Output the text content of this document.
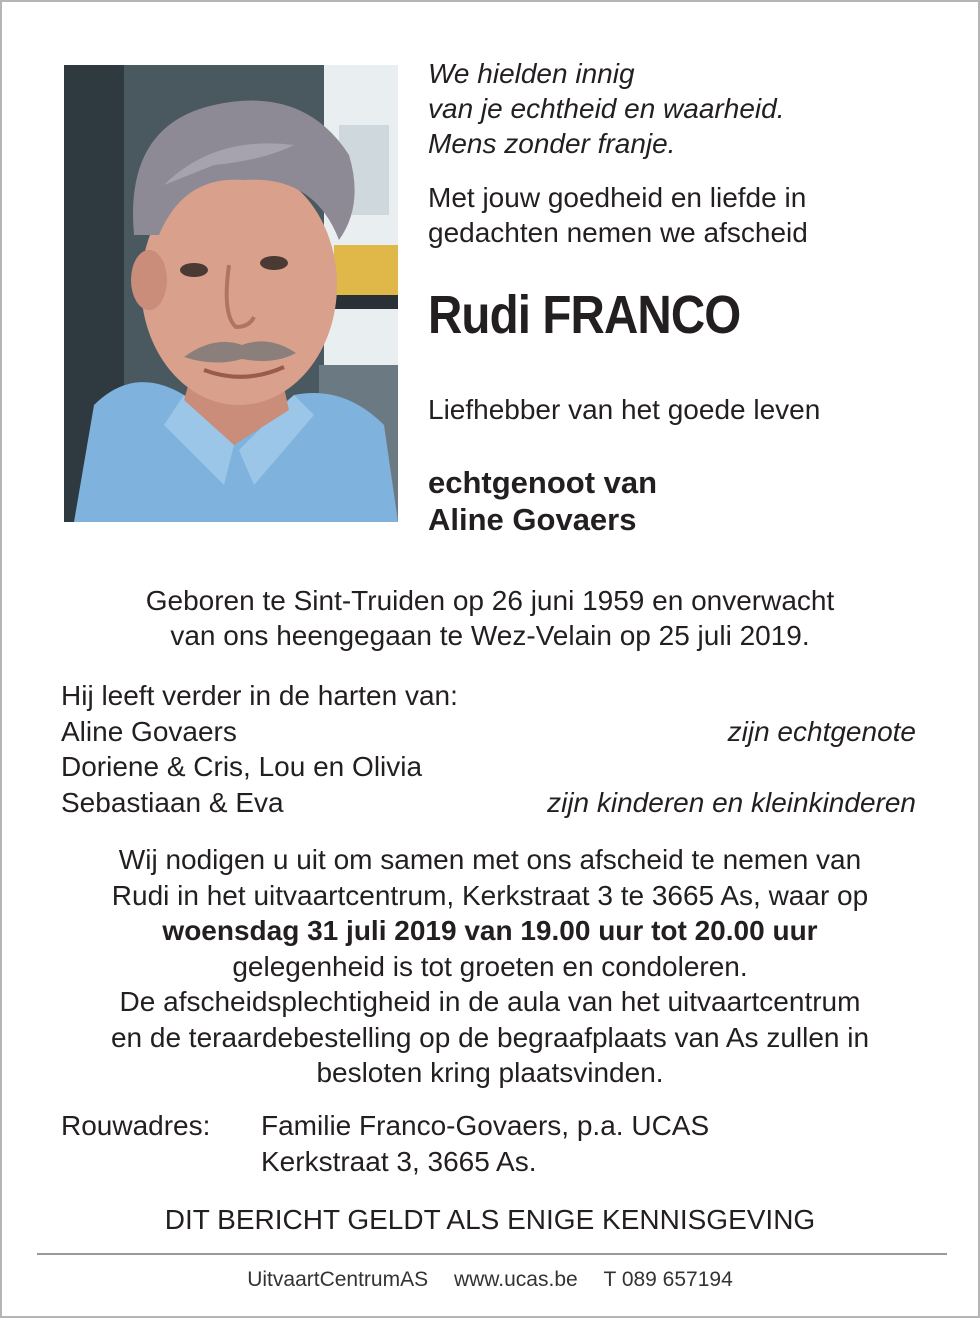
We hielden innig
van je echtheid en waarheid.
Mens zonder franje.
Met jouw goedheid en liefde in
gedachten nemen we afscheid
Rudi FRANCO
Liefhebber van het goede leven
echtgenoot van
Aline Govaers
Geboren te Sint-Truiden op 26 juni 1959 en onverwacht
van ons heengegaan te Wez-Velain op 25 juli 2019.
Hij leeft verder in de harten van:
Aline Govaers	zijn echtgenote
Doriene & Cris, Lou en Olivia
Sebastiaan & Eva	zijn kinderen en kleinkinderen
Wij nodigen u uit om samen met ons afscheid te nemen van
Rudi in het uitvaartcentrum, Kerkstraat 3 te 3665 As, waar op
woensdag 31 juli 2019 van 19.00 uur tot 20.00 uur
gelegenheid is tot groeten en condoleren.
De afscheidsplechtigheid in de aula van het uitvaartcentrum
en de teraardebestelling op de begraafplaats van As zullen in
besloten kring plaatsvinden.
Rouwadres: Familie Franco-Govaers, p.a. UCAS
Kerkstraat 3, 3665 As.
DIT BERICHT GELDT ALS ENIGE KENNISGEVING
UitvaartCentrumAS www.ucas.be T 089 657194
